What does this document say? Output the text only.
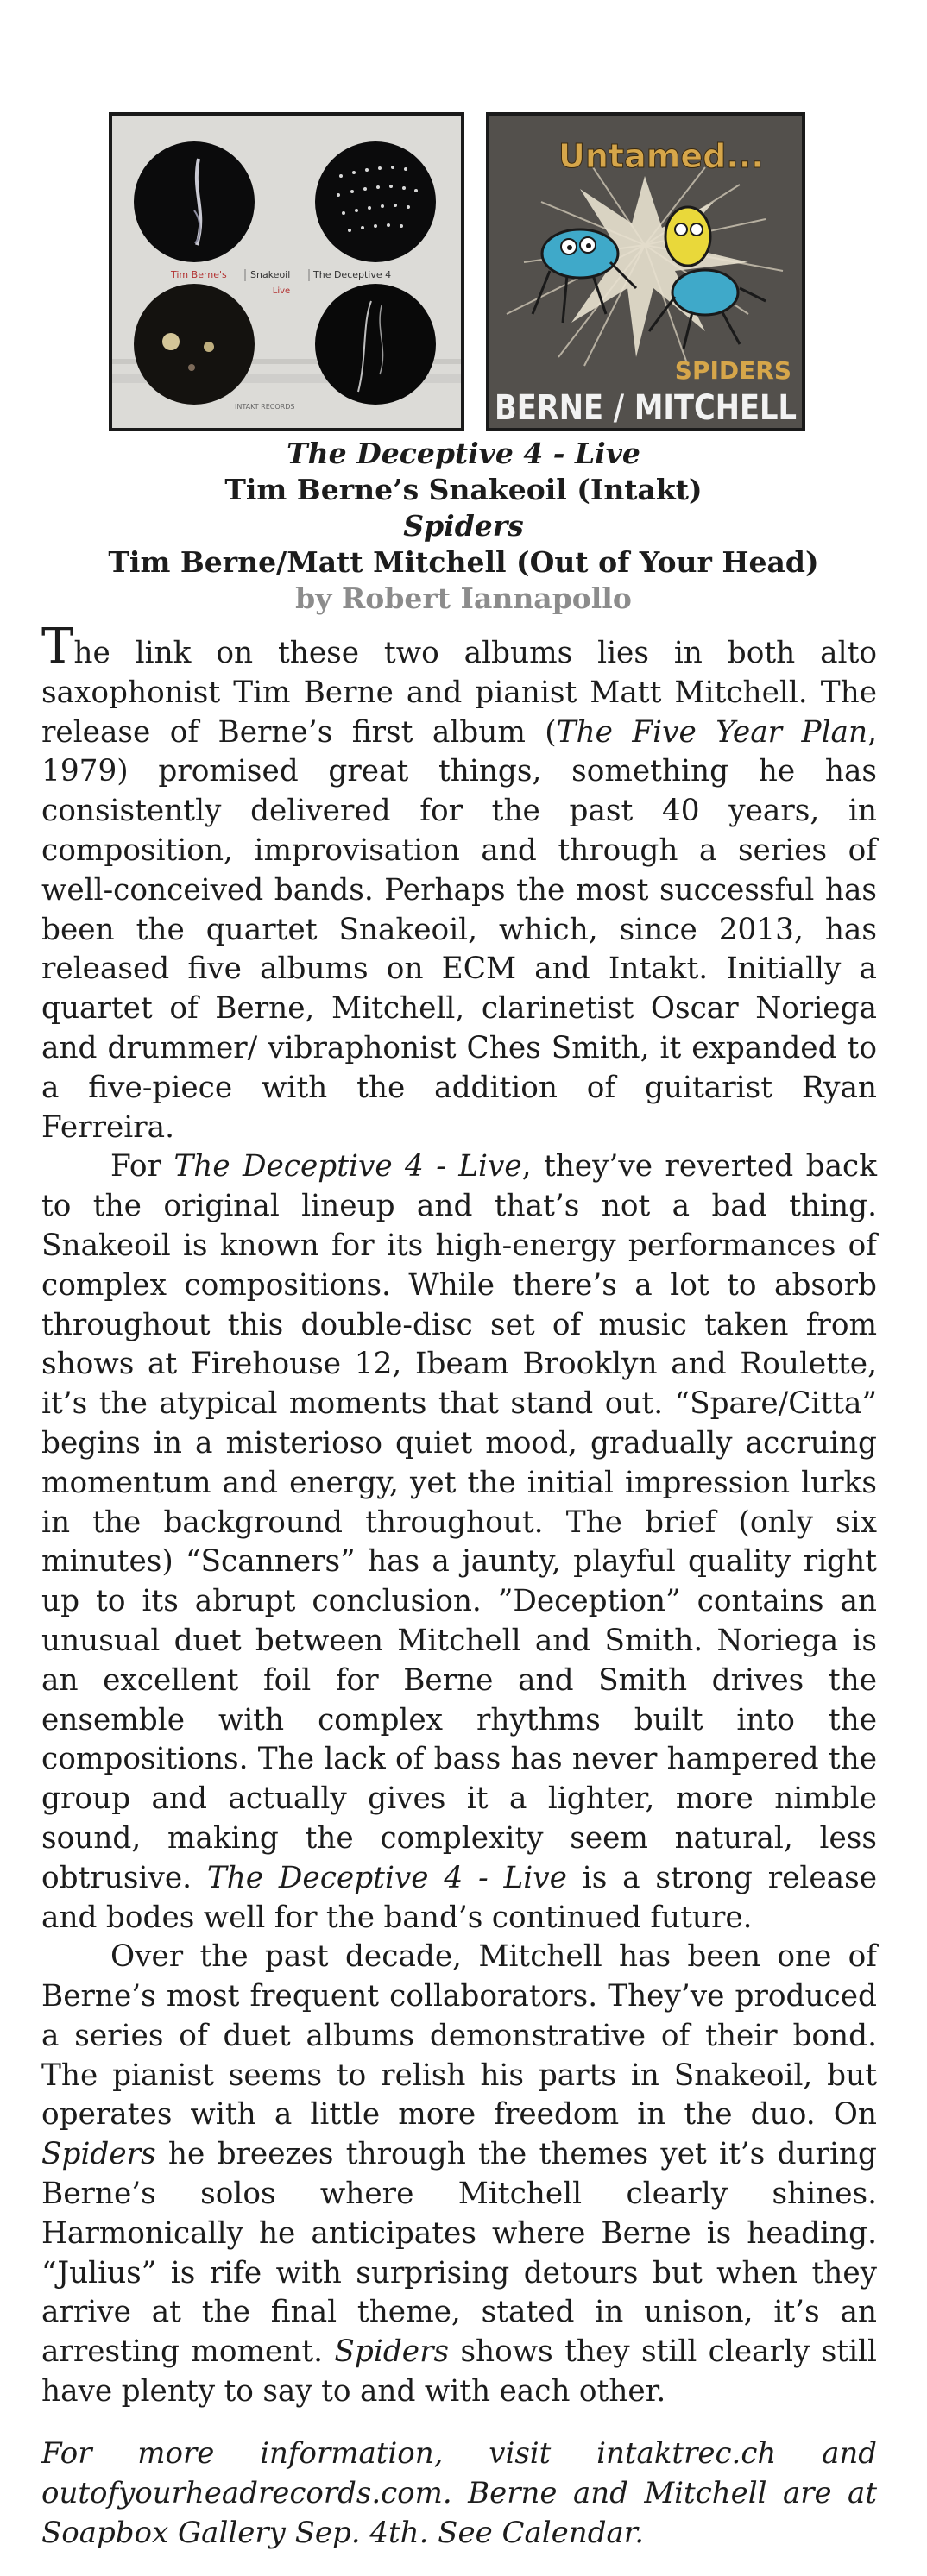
Tim Berne's Snakeoil The Deceptive 4
Live
INTAKT RECORDS
Untamed...
SPIDERS
BERNE / MITCHELL
The Deceptive 4 - Live
Tim Berne’s Snakeoil (Intakt)
Spiders
Tim Berne/Matt Mitchell (Out of Your Head)
by Robert Iannapollo

The link on these two albums lies in both alto saxophonist Tim Berne and pianist Matt Mitchell. The release of Berne’s first album (The Five Year Plan, 1979) promised great things, something he has consistently delivered for the past 40 years, in composition, improvisation and through a series of well-conceived bands. Perhaps the most successful has been the quartet Snakeoil, which, since 2013, has released five albums on ECM and Intakt. Initially a quartet of Berne, Mitchell, clarinetist Oscar Noriega and drummer/ vibraphonist Ches Smith, it expanded to a five-piece with the addition of guitarist Ryan Ferreira.

For The Deceptive 4 - Live, they’ve reverted back to the original lineup and that’s not a bad thing. Snakeoil is known for its high-energy performances of complex compositions. While there’s a lot to absorb throughout this double-disc set of music taken from shows at Firehouse 12, Ibeam Brooklyn and Roulette, it’s the atypical moments that stand out. “Spare/Citta” begins in a misterioso quiet mood, gradually accruing momentum and energy, yet the initial impression lurks in the background throughout. The brief (only six minutes) “Scanners” has a jaunty, playful quality right up to its abrupt conclusion. ”Deception” contains an unusual duet between Mitchell and Smith. Noriega is an excellent foil for Berne and Smith drives the ensemble with complex rhythms built into the compositions. The lack of bass has never hampered the group and actually gives it a lighter, more nimble sound, making the complexity seem natural, less obtrusive. The Deceptive 4 - Live is a strong release and bodes well for the band’s continued future.

Over the past decade, Mitchell has been one of Berne’s most frequent collaborators. They’ve produced a series of duet albums demonstrative of their bond. The pianist seems to relish his parts in Snakeoil, but operates with a little more freedom in the duo. On Spiders he breezes through the themes yet it’s during Berne’s solos where Mitchell clearly shines. Harmonically he anticipates where Berne is heading. “Julius” is rife with surprising detours but when they arrive at the final theme, stated in unison, it’s an arresting moment. Spiders shows they still clearly still have plenty to say to and with each other.

For more information, visit intaktrec.ch and outofyourheadrecords.com. Berne and Mitchell are at Soapbox Gallery Sep. 4th. See Calendar.
